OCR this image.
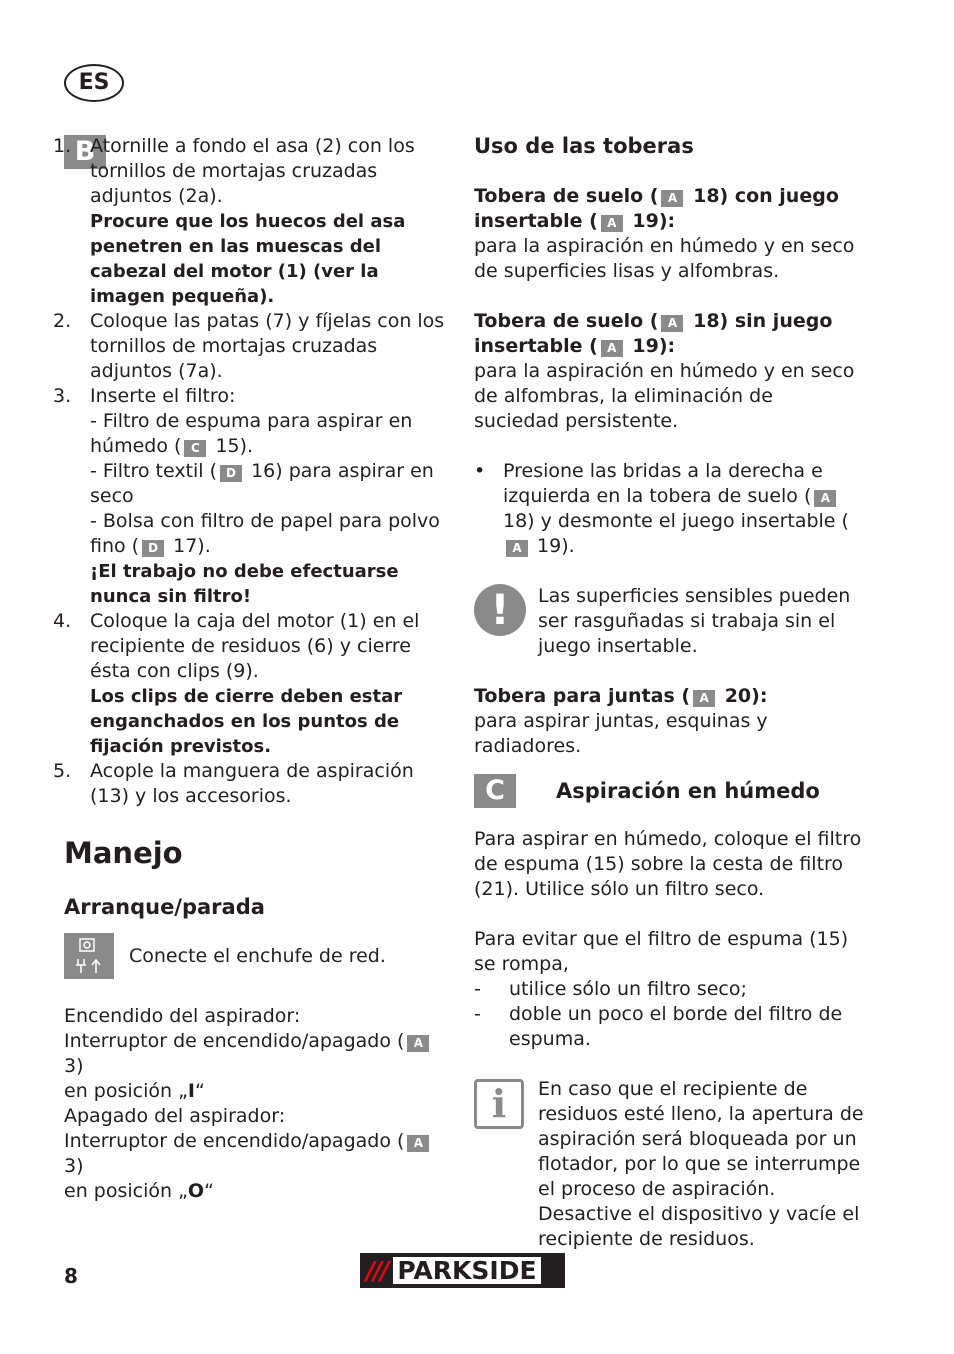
ES
B
1. Atornille a fondo el asa (2) con los tornillos de mortajas cruzadas adjuntos (2a).
Procure que los huecos del asa penetren en las muescas del cabezal del motor (1) (ver la imagen pequeña).
2. Coloque las patas (7) y fíjelas con los tornillos de mortajas cruzadas adjuntos (7a).
3. Inserte el filtro:
- Filtro de espuma para aspirar en húmedo ( C 15).
- Filtro textil ( D 16) para aspirar en seco
- Bolsa con filtro de papel para polvo fino ( D 17).
¡El trabajo no debe efectuarse nunca sin filtro!
4. Coloque la caja del motor (1) en el recipiente de residuos (6) y cierre ésta con clips (9).
Los clips de cierre deben estar enganchados en los puntos de fijación previstos.
5. Acople la manguera de aspiración (13) y los accesorios.
Manejo
Arranque/parada
Conecte el enchufe de red.

Encendido del aspirador:

Interruptor de encendido/apagado ( A 3)

en posición „I“

Apagado del aspirador:

Interruptor de encendido/apagado ( A 3)

en posición „O“

Uso de las toberas

Tobera de suelo ( A 18) con juego insertable ( A 19):

para la aspiración en húmedo y en seco de superficies lisas y alfombras.

Tobera de suelo ( A 18) sin juego insertable ( A 19):

para la aspiración en húmedo y en seco de alfombras, la eliminación de suciedad persistente.

• Presione las bridas a la derecha e izquierda en la tobera de suelo ( A 18) y desmonte el juego insertable (A 19).
!	Las superficies sensibles pueden ser rasguñadas si trabaja sin el juego insertable.

Tobera para juntas ( A 20):

para aspirar juntas, esquinas y radiadores.

C	Aspiración en húmedo

Para aspirar en húmedo, coloque el filtro de espuma (15) sobre la cesta de filtro (21). Utilice sólo un filtro seco.

Para evitar que el filtro de espuma (15) se rompa,

-	utilice sólo un filtro seco;
-	doble un poco el borde del filtro de espuma.
i	En caso que el recipiente de residuos esté lleno, la apertura de aspiración será bloqueada por un flotador, por lo que se interrumpe el proceso de aspiración. Desactive el dispositivo y vacíe el recipiente de residuos.
8	/// PARKSIDE
